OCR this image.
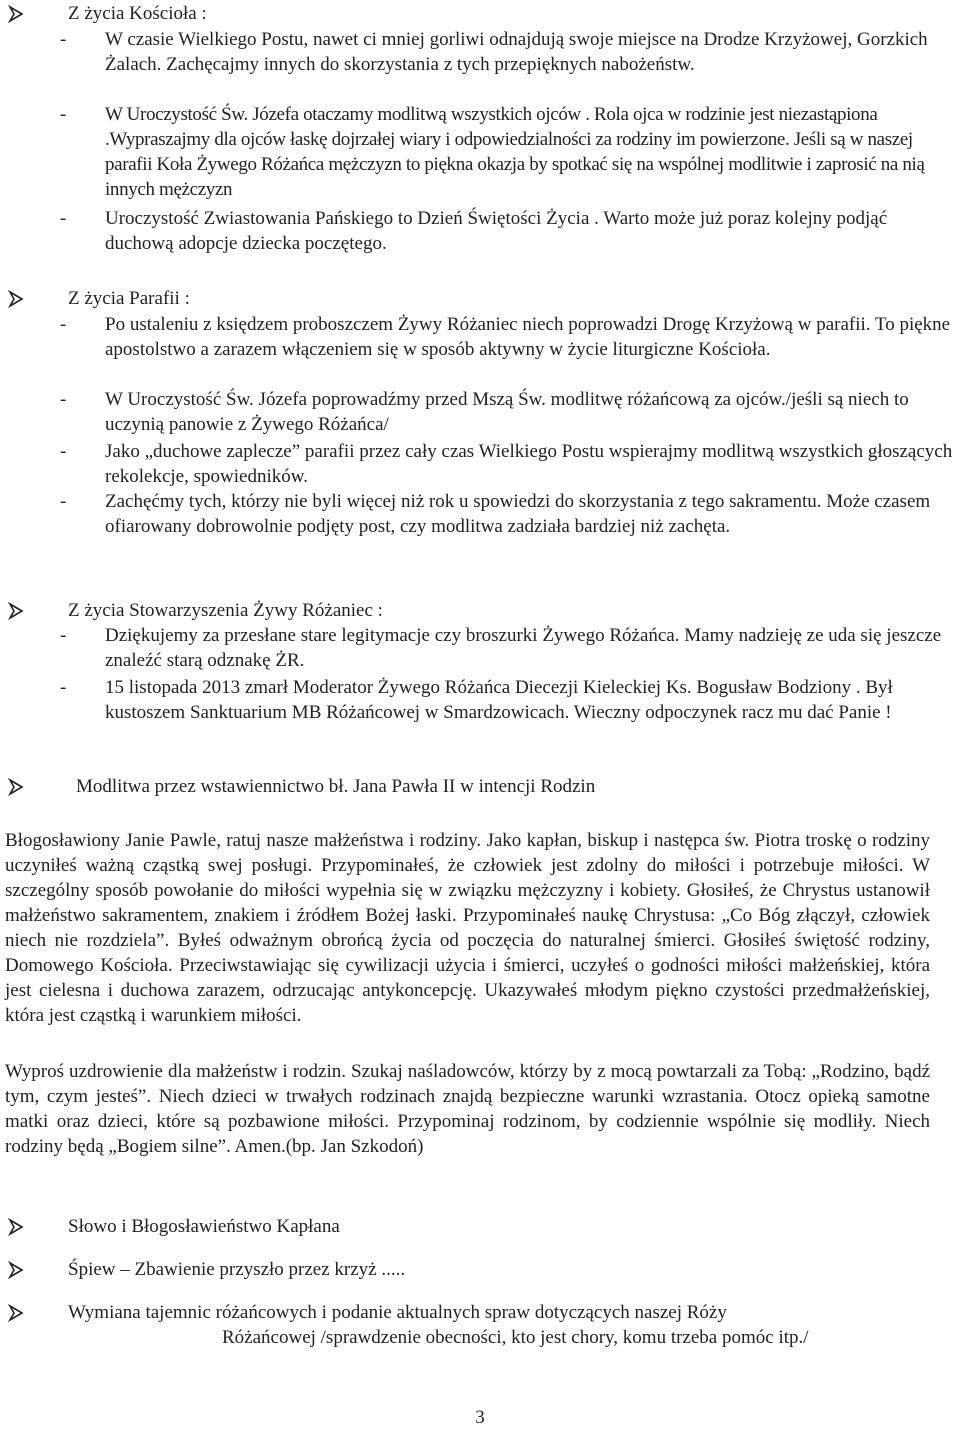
Z życia Kościoła :
-	W czasie Wielkiego Postu, nawet ci mniej gorliwi odnajdują swoje miejsce na Drodze Krzyżowej, Gorzkich Żalach. Zachęcajmy innych do skorzystania z tych przepięknych nabożeństw.
-	W Uroczystość Św. Józefa otaczamy modlitwą wszystkich ojców . Rola ojca w rodzinie jest niezastąpiona .Wypraszajmy dla ojców łaskę dojrzałej wiary i odpowiedzialności za rodziny im powierzone. Jeśli są w naszej parafii Koła Żywego Różańca mężczyzn to piękna okazja by spotkać się na wspólnej modlitwie i zaprosić na nią innych mężczyzn
-	Uroczystość Zwiastowania Pańskiego to Dzień Świętości Życia . Warto może już poraz kolejny podjąć duchową adopcje dziecka poczętego.
Z życia Parafii :
-	Po ustaleniu z księdzem proboszczem Żywy Różaniec niech poprowadzi Drogę Krzyżową w parafii. To piękne apostolstwo a zarazem włączeniem się w sposób aktywny w życie liturgiczne Kościoła.
-	W Uroczystość Św. Józefa poprowadźmy przed Mszą Św. modlitwę różańcową za ojców./jeśli są niech to uczynią panowie z Żywego Różańca/
-	Jako „duchowe zaplecze” parafii przez cały czas Wielkiego Postu wspierajmy modlitwą wszystkich głoszących rekolekcje, spowiedników.
-	Zachęćmy tych, którzy nie byli więcej niż rok u spowiedzi do skorzystania z tego sakramentu. Może czasem ofiarowany dobrowolnie podjęty post, czy modlitwa zadziała bardziej niż zachęta.
Z życia Stowarzyszenia Żywy Różaniec :
-	Dziękujemy za przesłane stare legitymacje czy broszurki Żywego Różańca. Mamy nadzieję ze uda się jeszcze znaleźć starą odznakę ŻR.
-	15 listopada 2013 zmarł Moderator Żywego Różańca Diecezji Kieleckiej Ks. Bogusław Bodziony . Był kustoszem Sanktuarium MB Różańcowej w Smardzowicach. Wieczny odpoczynek racz mu dać Panie !
Modlitwa przez wstawiennictwo bł. Jana Pawła II w intencji Rodzin

Błogosławiony Janie Pawle, ratuj nasze małżeństwa i rodziny. Jako kapłan, biskup i następca św. Piotra troskę o rodziny uczyniłeś ważną cząstką swej posługi. Przypominałeś, że człowiek jest zdolny do miłości i potrzebuje miłości. W szczególny sposób powołanie do miłości wypełnia się w związku mężczyzny i kobiety. Głosiłeś, że Chrystus ustanowił małżeństwo sakramentem, znakiem i źródłem Bożej łaski. Przypominałeś naukę Chrystusa: „Co Bóg złączył, człowiek niech nie rozdziela”. Byłeś odważnym obrońcą życia od poczęcia do naturalnej śmierci. Głosiłeś świętość rodziny, Domowego Kościoła. Przeciwstawiając się cywilizacji użycia i śmierci, uczyłeś o godności miłości małżeńskiej, która jest cielesna i duchowa zarazem, odrzucając antykoncepcję. Ukazywałeś młodym piękno czystości przedmałżeńskiej, która jest cząstką i warunkiem miłości.

Wyproś uzdrowienie dla małżeństw i rodzin. Szukaj naśladowców, którzy by z mocą powtarzali za Tobą: „Rodzino, bądź tym, czym jesteś”. Niech dzieci w trwałych rodzinach znajdą bezpieczne warunki wzrastania. Otocz opieką samotne matki oraz dzieci, które są pozbawione miłości. Przypominaj rodzinom, by codziennie wspólnie się modliły. Niech rodziny będą „Bogiem silne”. Amen.(bp. Jan Szkodoń)

Słowo i Błogosławieństwo Kapłana
Śpiew – Zbawienie przyszło przez krzyż .....
Wymiana tajemnic różańcowych i podanie aktualnych spraw dotyczących naszej Róży
Różańcowej /sprawdzenie obecności, kto jest chory, komu trzeba pomóc itp./
3
